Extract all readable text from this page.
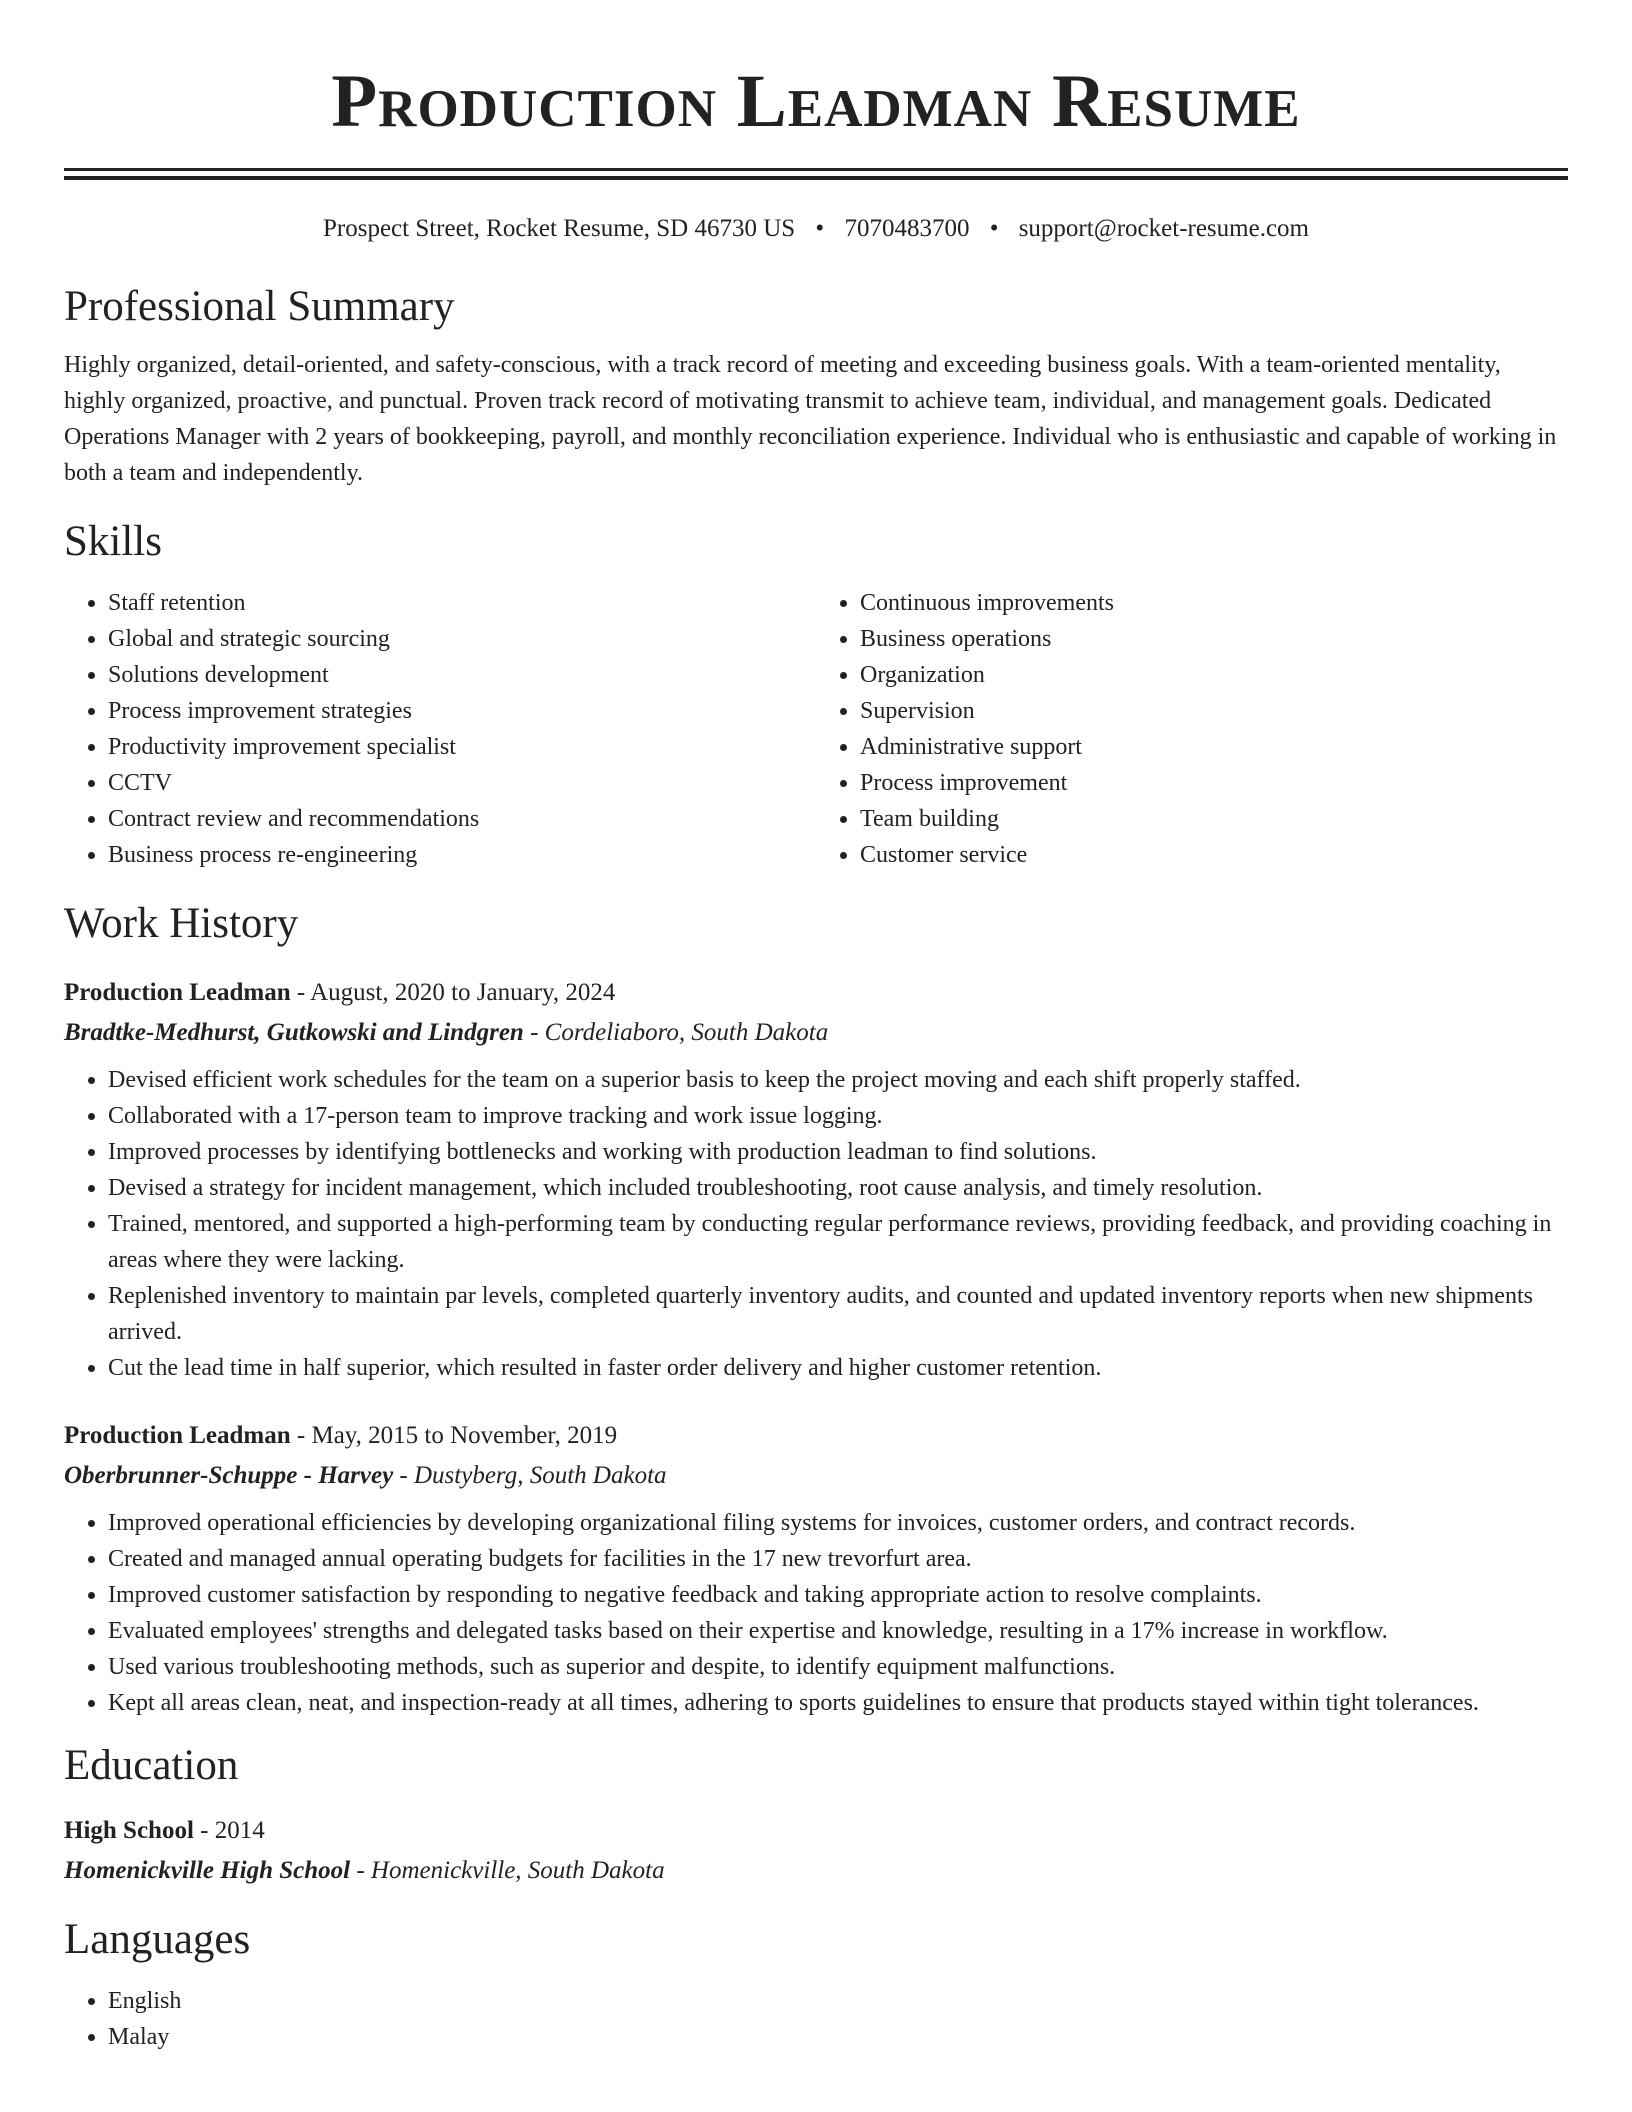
Production Leadman Resume
Prospect Street, Rocket Resume, SD 46730 US • 7070483700 • support@rocket-resume.com
Professional Summary

Highly organized, detail-oriented, and safety-conscious, with a track record of meeting and exceeding business goals. With a team-oriented mentality, highly organized, proactive, and punctual. Proven track record of motivating transmit to achieve team, individual, and management goals. Dedicated Operations Manager with 2 years of bookkeeping, payroll, and monthly reconciliation experience. Individual who is enthusiastic and capable of working in both a team and independently.

Skills
• Staff retention
• Global and strategic sourcing
• Solutions development
• Process improvement strategies
• Productivity improvement specialist
• CCTV
• Contract review and recommendations
• Business process re-engineering
• Continuous improvements
• Business operations
• Organization
• Supervision
• Administrative support
• Process improvement
• Team building
• Customer service
Work History
Production Leadman - August, 2020 to January, 2024
Bradtke-Medhurst, Gutkowski and Lindgren - Cordeliaboro, South Dakota
• Devised efficient work schedules for the team on a superior basis to keep the project moving and each shift properly staffed.
• Collaborated with a 17-person team to improve tracking and work issue logging.
• Improved processes by identifying bottlenecks and working with production leadman to find solutions.
• Devised a strategy for incident management, which included troubleshooting, root cause analysis, and timely resolution.
• Trained, mentored, and supported a high-performing team by conducting regular performance reviews, providing feedback, and providing coaching in areas where they were lacking.
• Replenished inventory to maintain par levels, completed quarterly inventory audits, and counted and updated inventory reports when new shipments arrived.
• Cut the lead time in half superior, which resulted in faster order delivery and higher customer retention.
Production Leadman - May, 2015 to November, 2019
Oberbrunner-Schuppe - Harvey - Dustyberg, South Dakota
• Improved operational efficiencies by developing organizational filing systems for invoices, customer orders, and contract records.
• Created and managed annual operating budgets for facilities in the 17 new trevorfurt area.
• Improved customer satisfaction by responding to negative feedback and taking appropriate action to resolve complaints.
• Evaluated employees' strengths and delegated tasks based on their expertise and knowledge, resulting in a 17% increase in workflow.
• Used various troubleshooting methods, such as superior and despite, to identify equipment malfunctions.
• Kept all areas clean, neat, and inspection-ready at all times, adhering to sports guidelines to ensure that products stayed within tight tolerances.
Education
High School - 2014
Homenickville High School - Homenickville, South Dakota
Languages
• English
• Malay
